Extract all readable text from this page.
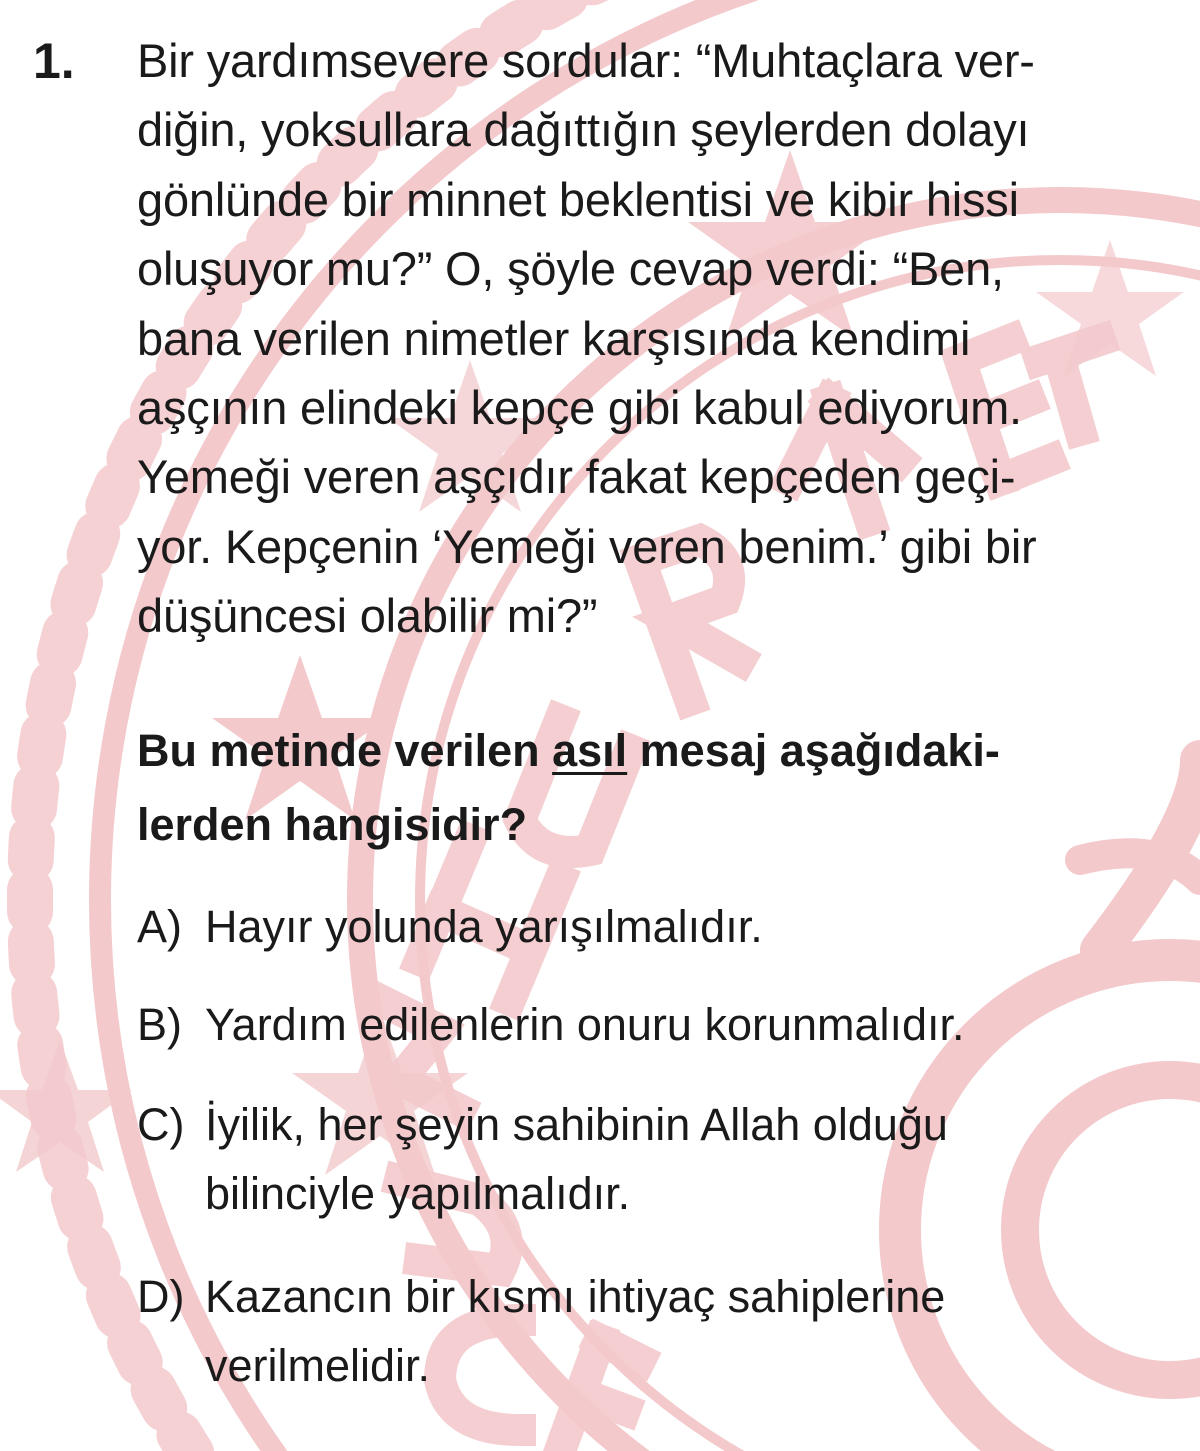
1. Bir yardımsevere sordular: “Muhtaçlara ver-
diğin, yoksullara dağıttığın şeylerden dolayı
gönlünde bir minnet beklentisi ve kibir hissi
oluşuyor mu?” O, şöyle cevap verdi: “Ben,
bana verilen nimetler karşısında kendimi
aşçının elindeki kepçe gibi kabul ediyorum.
Yemeği veren aşçıdır fakat kepçeden geçi-
yor. Kepçenin ‘Yemeği veren benim.’ gibi bir
düşüncesi olabilir mi?”
Bu metinde verilen asıl mesaj aşağıdaki-
lerden hangisidir?
A) Hayır yolunda yarışılmalıdır.
B) Yardım edilenlerin onuru korunmalıdır.
C) İyilik, her şeyin sahibinin Allah olduğu
bilinciyle yapılmalıdır.
D) Kazancın bir kısmı ihtiyaç sahiplerine
verilmelidir.
